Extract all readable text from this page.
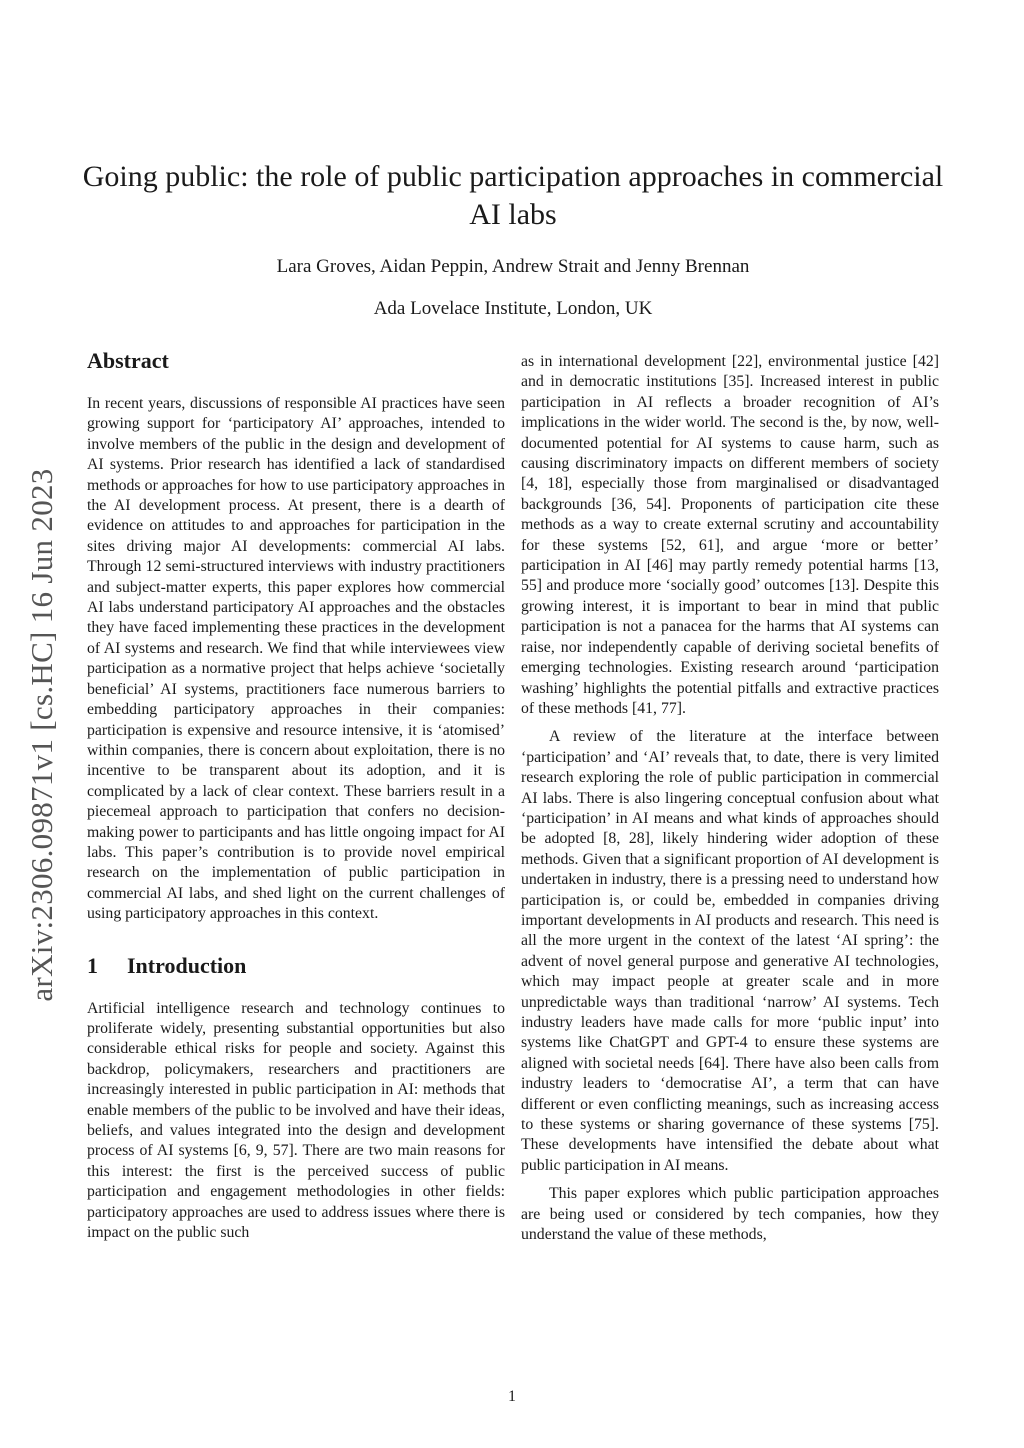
arXiv:2306.09871v1 [cs.HC] 16 Jun 2023
Going public: the role of public participation approaches in commercial AI labs
Lara Groves, Aidan Peppin, Andrew Strait and Jenny Brennan
Ada Lovelace Institute, London, UK
Abstract

In recent years, discussions of responsible AI practices have seen growing support for ‘participatory AI’ approaches, intended to involve members of the public in the design and development of AI systems. Prior research has identified a lack of standardised methods or approaches for how to use participatory approaches in the AI development process. At present, there is a dearth of evidence on attitudes to and approaches for participation in the sites driving major AI developments: commercial AI labs. Through 12 semi-structured interviews with industry practitioners and subject-matter experts, this paper explores how commercial AI labs understand participatory AI approaches and the obstacles they have faced implementing these practices in the development of AI systems and research. We find that while interviewees view participation as a normative project that helps achieve ‘societally beneficial’ AI systems, practitioners face numerous barriers to embedding participatory approaches in their companies: participation is expensive and resource intensive, it is ‘atomised’ within companies, there is concern about exploitation, there is no incentive to be transparent about its adoption, and it is complicated by a lack of clear context. These barriers result in a piecemeal approach to participation that confers no decision-making power to participants and has little ongoing impact for AI labs. This paper’s contribution is to provide novel empirical research on the implementation of public participation in commercial AI labs, and shed light on the current challenges of using participatory approaches in this context.

1 Introduction

Artificial intelligence research and technology continues to proliferate widely, presenting substantial opportunities but also considerable ethical risks for people and society. Against this backdrop, policymakers, researchers and practitioners are increasingly interested in public participation in AI: methods that enable members of the public to be involved and have their ideas, beliefs, and values integrated into the design and development process of AI systems [6, 9, 57]. There are two main reasons for this interest: the first is the perceived success of public participation and engagement methodologies in other fields: participatory approaches are used to address issues where there is impact on the public such

as in international development [22], environmental justice [42] and in democratic institutions [35]. Increased interest in public participation in AI reflects a broader recognition of AI’s implications in the wider world. The second is the, by now, well-documented potential for AI systems to cause harm, such as causing discriminatory impacts on different members of society [4, 18], especially those from marginalised or disadvantaged backgrounds [36, 54]. Proponents of participation cite these methods as a way to create external scrutiny and accountability for these systems [52, 61], and argue ‘more or better’ participation in AI [46] may partly remedy potential harms [13, 55] and produce more ‘socially good’ outcomes [13]. Despite this growing interest, it is important to bear in mind that public participation is not a panacea for the harms that AI systems can raise, nor independently capable of deriving societal benefits of emerging technologies. Existing research around ‘participation washing’ highlights the potential pitfalls and extractive practices of these methods [41, 77].

A review of the literature at the interface between ‘participation’ and ‘AI’ reveals that, to date, there is very limited research exploring the role of public participation in commercial AI labs. There is also lingering conceptual confusion about what ‘participation’ in AI means and what kinds of approaches should be adopted [8, 28], likely hindering wider adoption of these methods. Given that a significant proportion of AI development is undertaken in industry, there is a pressing need to understand how participation is, or could be, embedded in companies driving important developments in AI products and research. This need is all the more urgent in the context of the latest ‘AI spring’: the advent of novel general purpose and generative AI technologies, which may impact people at greater scale and in more unpredictable ways than traditional ‘narrow’ AI systems. Tech industry leaders have made calls for more ‘public input’ into systems like ChatGPT and GPT-4 to ensure these systems are aligned with societal needs [64]. There have also been calls from industry leaders to ‘democratise AI’, a term that can have different or even conflicting meanings, such as increasing access to these systems or sharing governance of these systems [75]. These developments have intensified the debate about what public participation in AI means.

This paper explores which public participation approaches are being used or considered by tech companies, how they understand the value of these methods,

1
